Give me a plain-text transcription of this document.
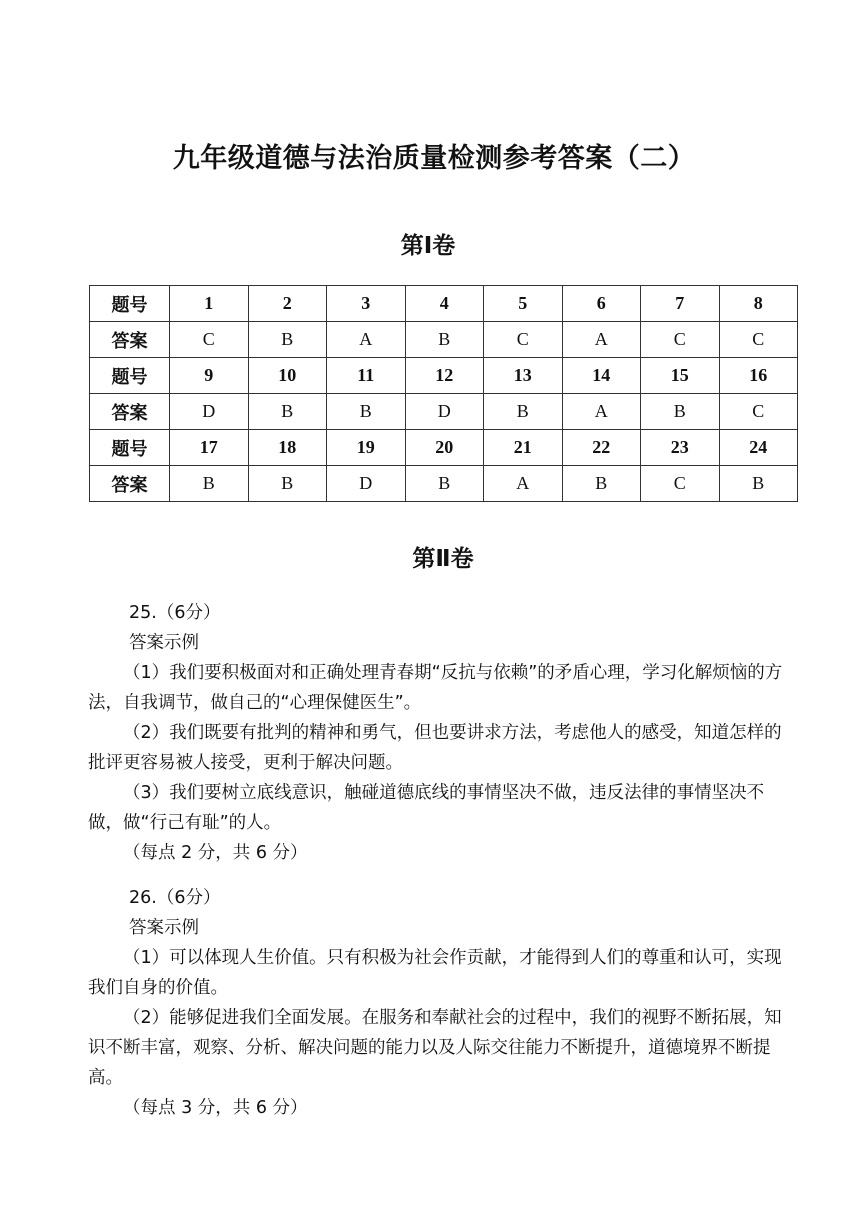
九年级道德与法治质量检测参考答案（二）
第Ⅰ卷
题号	1	2	3	4	5	6	7	8
答案	C	B	A	B	C	A	C	C
题号	9	10	11	12	13	14	15	16
答案	D	B	B	D	B	A	B	C
题号	17	18	19	20	21	22	23	24
答案	B	B	D	B	A	B	C	B
第Ⅱ卷

25.（6分）

答案示例

（1）我们要积极面对和正确处理青春期“反抗与依赖”的矛盾心理，学习化解烦恼的方法，自我调节，做自己的“心理保健医生”。

（2）我们既要有批判的精神和勇气，但也要讲求方法，考虑他人的感受，知道怎样的批评更容易被人接受，更利于解决问题。

（3）我们要树立底线意识，触碰道德底线的事情坚决不做，违反法律的事情坚决不做，做“行己有耻”的人。

（每点 2 分，共 6 分）

26.（6分）

答案示例

（1）可以体现人生价值。只有积极为社会作贡献，才能得到人们的尊重和认可，实现我们自身的价值。

（2）能够促进我们全面发展。在服务和奉献社会的过程中，我们的视野不断拓展，知识不断丰富，观察、分析、解决问题的能力以及人际交往能力不断提升，道德境界不断提高。

（每点 3 分，共 6 分）
